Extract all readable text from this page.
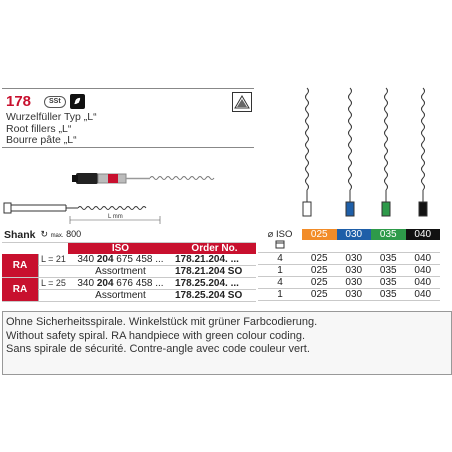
178	SSt
Wurzelfüller Typ „L“
Root fillers „L“
Bourre pâte „L“
L mm
Shank	↻ max. 800		
		ISO	Order No.
RA	L = 21	340 204 675 458 ...	178.21.204. ...
		Assortment	178.21.204 SO
RA	L = 25	340 204 676 458 ...	178.25.204. ...
		Assortment	178.25.204 SO
⌀ ISO	025	030	035	040

4	025	030	035	040
1	025	030	035	040
4	025	030	035	040
1	025	030	035	040
Ohne Sicherheitsspirale. Winkelstück mit grüner Farbcodierung.
Without safety spiral. RA handpiece with green colour coding.
Sans spirale de sécurité. Contre-angle avec code couleur vert.
